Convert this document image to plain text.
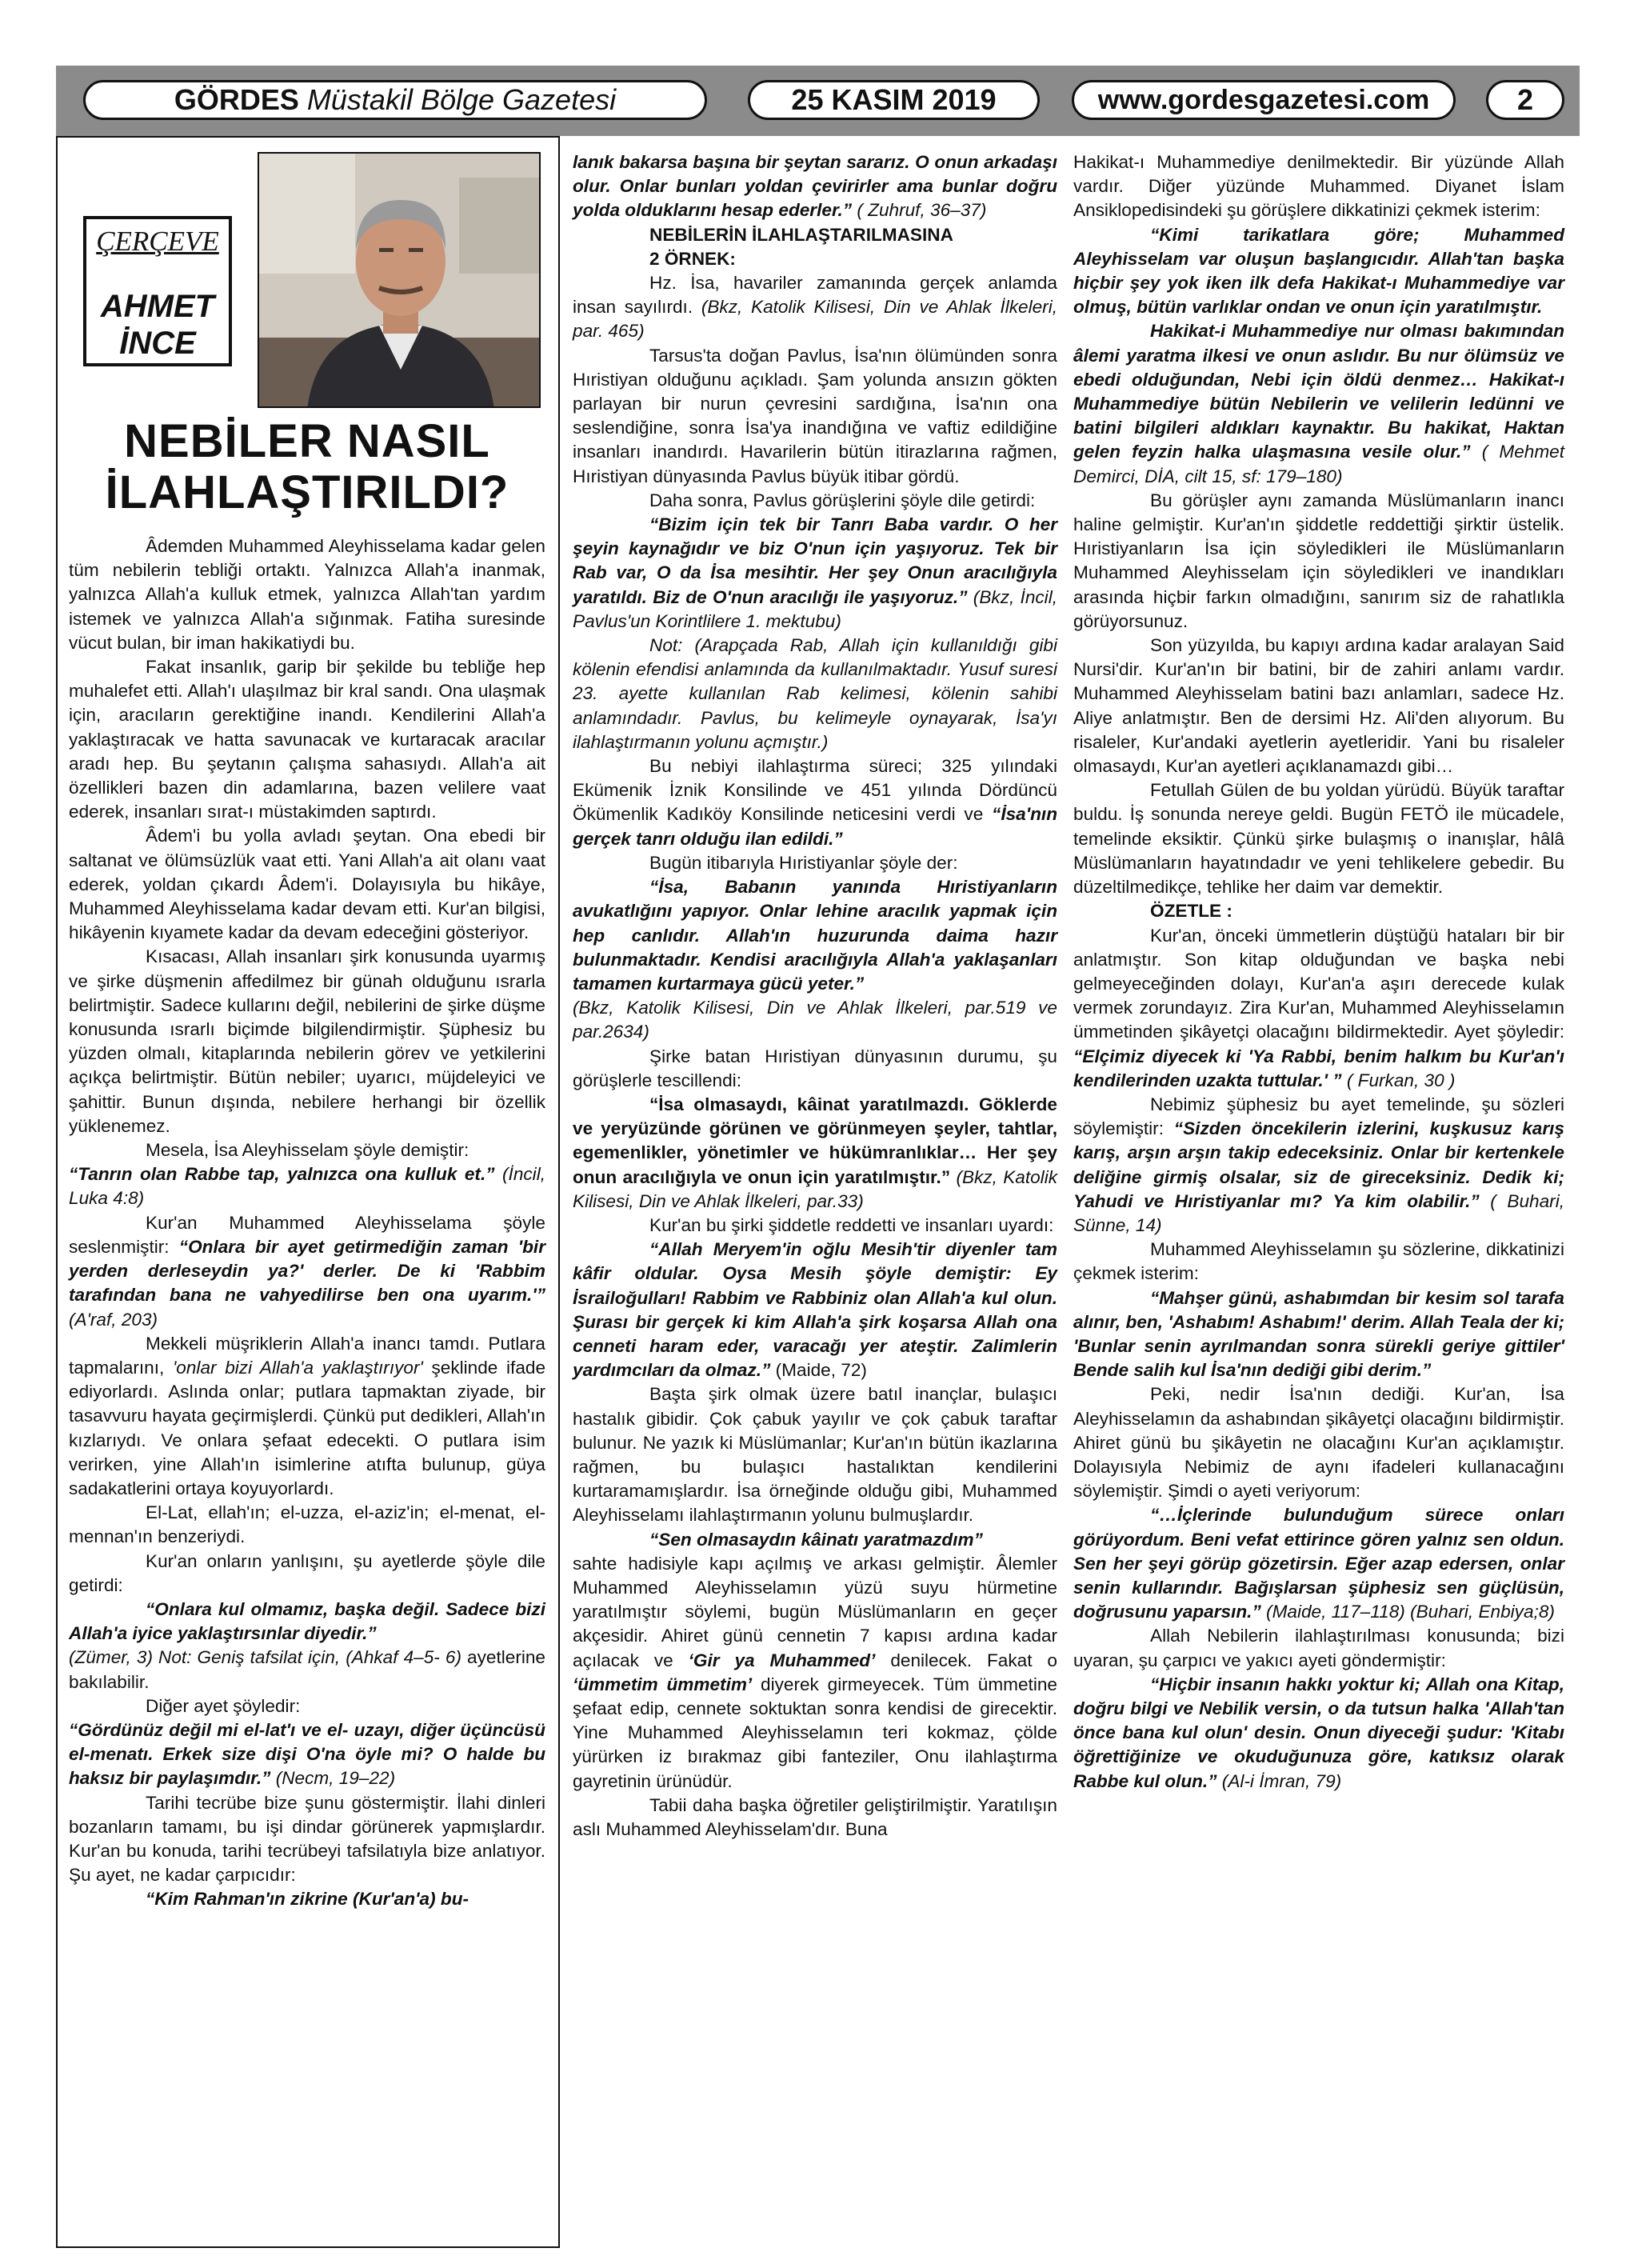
GÖRDES Müstakil Bölge Gazetesi	25 KASIM 2019	www.gordesgazetesi.com	2
ÇERÇEVE
AHMET
İNCE
NEBİLER NASIL
İLAHLAŞTIRILDI?

Âdemden Muhammed Aleyhisselama kadar gelen tüm nebilerin tebliği ortaktı. Yalnızca Allah'a inanmak, yalnızca Allah'a kulluk etmek, yalnızca Allah'tan yardım istemek ve yalnızca Allah'a sığınmak. Fatiha suresinde vücut bulan, bir iman hakikatiydi bu.

Fakat insanlık, garip bir şekilde bu tebliğe hep muhalefet etti. Allah'ı ulaşılmaz bir kral sandı. Ona ulaşmak için, aracıların gerektiğine inandı. Kendilerini Allah'a yaklaştıracak ve hatta savunacak ve kurtaracak aracılar aradı hep. Bu şeytanın çalışma sahasıydı. Allah'a ait özellikleri bazen din adamlarına, bazen velilere vaat ederek, insanları sırat-ı müstakimden saptırdı.

Âdem'i bu yolla avladı şeytan. Ona ebedi bir saltanat ve ölümsüzlük vaat etti. Yani Allah'a ait olanı vaat ederek, yoldan çıkardı Âdem'i. Dolayısıyla bu hikâye, Muhammed Aleyhisselama kadar devam etti. Kur'an bilgisi, hikâyenin kıyamete kadar da devam edeceğini gösteriyor.

Kısacası, Allah insanları şirk konusunda uyarmış ve şirke düşmenin affedilmez bir günah olduğunu ısrarla belirtmiştir. Sadece kullarını değil, nebilerini de şirke düşme konusunda ısrarlı biçimde bilgilendirmiştir. Şüphesiz bu yüzden olmalı, kitaplarında nebilerin görev ve yetkilerini açıkça belirtmiştir. Bütün nebiler; uyarıcı, müjdeleyici ve şahittir. Bunun dışında, nebilere herhangi bir özellik yüklenemez.

Mesela, İsa Aleyhisselam şöyle demiştir:

“Tanrın olan Rabbe tap, yalnızca ona kulluk et.” (İncil, Luka 4:8)

Kur'an Muhammed Aleyhisselama şöyle seslenmiştir: “Onlara bir ayet getirmediğin zaman 'bir yerden derleseydin ya?' derler. De ki 'Rabbim tarafından bana ne vahyedilirse ben ona uyarım.'” (A'raf, 203)

Mekkeli müşriklerin Allah'a inancı tamdı. Putlara tapmalarını, 'onlar bizi Allah'a yaklaştırıyor' şeklinde ifade ediyorlardı. Aslında onlar; putlara tapmaktan ziyade, bir tasavvuru hayata geçirmişlerdi. Çünkü put dedikleri, Allah'ın kızlarıydı. Ve onlara şefaat edecekti. O putlara isim verirken, yine Allah'ın isimlerine atıfta bulunup, güya sadakatlerini ortaya koyuyorlardı.

El-Lat, ellah'ın; el-uzza, el-aziz'in; el-menat, el-mennan'ın benzeriydi.

Kur'an onların yanlışını, şu ayetlerde şöyle dile getirdi:

“Onlara kul olmamız, başka değil. Sadece bizi Allah'a iyice yaklaştırsınlar diyedir.”

(Zümer, 3) Not: Geniş tafsilat için, (Ahkaf 4–5- 6) ayetlerine bakılabilir.

Diğer ayet şöyledir:

“Gördünüz değil mi el-lat'ı ve el- uzayı, diğer üçüncüsü el-menatı. Erkek size dişi O'na öyle mi? O halde bu haksız bir paylaşımdır.” (Necm, 19–22)

Tarihi tecrübe bize şunu göstermiştir. İlahi dinleri bozanların tamamı, bu işi dindar görünerek yapmışlardır. Kur'an bu konuda, tarihi tecrübeyi tafsilatıyla bize anlatıyor. Şu ayet, ne kadar çarpıcıdır:

“Kim Rahman'ın zikrine (Kur'an'a) bu-

lanık bakarsa başına bir şeytan sararız. O onun arkadaşı olur. Onlar bunları yoldan çevirirler ama bunlar doğru yolda olduklarını hesap ederler.” ( Zuhruf, 36–37)

NEBİLERİN İLAHLAŞTARILMASINA

2 ÖRNEK:

Hz. İsa, havariler zamanında gerçek anlamda insan sayılırdı. (Bkz, Katolik Kilisesi, Din ve Ahlak İlkeleri, par. 465)

Tarsus'ta doğan Pavlus, İsa'nın ölümünden sonra Hıristiyan olduğunu açıkladı. Şam yolunda ansızın gökten parlayan bir nurun çevresini sardığına, İsa'nın ona seslendiğine, sonra İsa'ya inandığına ve vaftiz edildiğine insanları inandırdı. Havarilerin bütün itirazlarına rağmen, Hıristiyan dünyasında Pavlus büyük itibar gördü.

Daha sonra, Pavlus görüşlerini şöyle dile getirdi:

“Bizim için tek bir Tanrı Baba vardır. O her şeyin kaynağıdır ve biz O'nun için yaşıyoruz. Tek bir Rab var, O da İsa mesihtir. Her şey Onun aracılığıyla yaratıldı. Biz de O'nun aracılığı ile yaşıyoruz.” (Bkz, İncil, Pavlus'un Korintlilere 1. mektubu)

Not: (Arapçada Rab, Allah için kullanıldığı gibi kölenin efendisi anlamında da kullanılmaktadır. Yusuf suresi 23. ayette kullanılan Rab kelimesi, kölenin sahibi anlamındadır. Pavlus, bu kelimeyle oynayarak, İsa'yı ilahlaştırmanın yolunu açmıştır.)

Bu nebiyi ilahlaştırma süreci; 325 yılındaki Ekümenik İznik Konsilinde ve 451 yılında Dördüncü Ökümenlik Kadıköy Konsilinde neticesini verdi ve “İsa'nın gerçek tanrı olduğu ilan edildi.”

Bugün itibarıyla Hıristiyanlar şöyle der:

“İsa, Babanın yanında Hıristiyanların avukatlığını yapıyor. Onlar lehine aracılık yapmak için hep canlıdır. Allah'ın huzurunda daima hazır bulunmaktadır. Kendisi aracılığıyla Allah'a yaklaşanları tamamen kurtarmaya gücü yeter.”

(Bkz, Katolik Kilisesi, Din ve Ahlak İlkeleri, par.519 ve par.2634)

Şirke batan Hıristiyan dünyasının durumu, şu görüşlerle tescillendi:

“İsa olmasaydı, kâinat yaratılmazdı. Göklerde ve yeryüzünde görünen ve görünmeyen şeyler, tahtlar, egemenlikler, yönetimler ve hükümranlıklar… Her şey onun aracılığıyla ve onun için yaratılmıştır.” (Bkz, Katolik Kilisesi, Din ve Ahlak İlkeleri, par.33)

Kur'an bu şirki şiddetle reddetti ve insanları uyardı:

“Allah Meryem'in oğlu Mesih'tir diyenler tam kâfir oldular. Oysa Mesih şöyle demiştir: Ey İsrailoğulları! Rabbim ve Rabbiniz olan Allah'a kul olun. Şurası bir gerçek ki kim Allah'a şirk koşarsa Allah ona cenneti haram eder, varacağı yer ateştir. Zalimlerin yardımcıları da olmaz.” (Maide, 72)

Başta şirk olmak üzere batıl inançlar, bulaşıcı hastalık gibidir. Çok çabuk yayılır ve çok çabuk taraftar bulunur. Ne yazık ki Müslümanlar; Kur'an'ın bütün ikazlarına rağmen, bu bulaşıcı hastalıktan kendilerini kurtaramamışlardır. İsa örneğinde olduğu gibi, Muhammed Aleyhisselamı ilahlaştırmanın yolunu bulmuşlardır.

“Sen olmasaydın kâinatı yaratmazdım”

sahte hadisiyle kapı açılmış ve arkası gelmiştir. Âlemler Muhammed Aleyhisselamın yüzü suyu hürmetine yaratılmıştır söylemi, bugün Müslümanların en geçer akçesidir. Ahiret günü cennetin 7 kapısı ardına kadar açılacak ve ‘Gir ya Muhammed’ denilecek. Fakat o ‘ümmetim ümmetim’ diyerek girmeyecek. Tüm ümmetine şefaat edip, cennete soktuktan sonra kendisi de girecektir. Yine Muhammed Aleyhisselamın teri kokmaz, çölde yürürken iz bırakmaz gibi fanteziler, Onu ilahlaştırma gayretinin ürünüdür.

Tabii daha başka öğretiler geliştirilmiştir. Yaratılışın aslı Muhammed Aleyhisselam'dır. Buna

Hakikat-ı Muhammediye denilmektedir. Bir yüzünde Allah vardır. Diğer yüzünde Muhammed. Diyanet İslam Ansiklopedisindeki şu görüşlere dikkatinizi çekmek isterim:

“Kimi tarikatlara göre; Muhammed Aleyhisselam var oluşun başlangıcıdır. Allah'tan başka hiçbir şey yok iken ilk defa Hakikat-ı Muhammediye var olmuş, bütün varlıklar ondan ve onun için yaratılmıştır.

Hakikat-i Muhammediye nur olması bakımından âlemi yaratma ilkesi ve onun aslıdır. Bu nur ölümsüz ve ebedi olduğundan, Nebi için öldü denmez… Hakikat-ı Muhammediye bütün Nebilerin ve velilerin ledünni ve batini bilgileri aldıkları kaynaktır. Bu hakikat, Haktan gelen feyzin halka ulaşmasına vesile olur.” ( Mehmet Demirci, DİA, cilt 15, sf: 179–180)

Bu görüşler aynı zamanda Müslümanların inancı haline gelmiştir. Kur'an'ın şiddetle reddettiği şirktir üstelik. Hıristiyanların İsa için söyledikleri ile Müslümanların Muhammed Aleyhisselam için söyledikleri ve inandıkları arasında hiçbir farkın olmadığını, sanırım siz de rahatlıkla görüyorsunuz.

Son yüzyılda, bu kapıyı ardına kadar aralayan Said Nursi'dir. Kur'an'ın bir batini, bir de zahiri anlamı vardır. Muhammed Aleyhisselam batini bazı anlamları, sadece Hz. Aliye anlatmıştır. Ben de dersimi Hz. Ali'den alıyorum. Bu risaleler, Kur'andaki ayetlerin ayetleridir. Yani bu risaleler olmasaydı, Kur'an ayetleri açıklanamazdı gibi…

Fetullah Gülen de bu yoldan yürüdü. Büyük taraftar buldu. İş sonunda nereye geldi. Bugün FETÖ ile mücadele, temelinde eksiktir. Çünkü şirke bulaşmış o inanışlar, hâlâ Müslümanların hayatındadır ve yeni tehlikelere gebedir. Bu düzeltilmedikçe, tehlike her daim var demektir.

ÖZETLE :

Kur'an, önceki ümmetlerin düştüğü hataları bir bir anlatmıştır. Son kitap olduğundan ve başka nebi gelmeyeceğinden dolayı, Kur'an'a aşırı derecede kulak vermek zorundayız. Zira Kur'an, Muhammed Aleyhisselamın ümmetinden şikâyetçi olacağını bildirmektedir. Ayet şöyledir: “Elçimiz diyecek ki 'Ya Rabbi, benim halkım bu Kur'an'ı kendilerinden uzakta tuttular.' ” ( Furkan, 30 )

Nebimiz şüphesiz bu ayet temelinde, şu sözleri söylemiştir: “Sizden öncekilerin izlerini, kuşkusuz karış karış, arşın arşın takip edeceksiniz. Onlar bir kertenkele deliğine girmiş olsalar, siz de gireceksiniz. Dedik ki; Yahudi ve Hıristiyanlar mı? Ya kim olabilir.” ( Buhari, Sünne, 14)

Muhammed Aleyhisselamın şu sözlerine, dikkatinizi çekmek isterim:

“Mahşer günü, ashabımdan bir kesim sol tarafa alınır, ben, 'Ashabım! Ashabım!' derim. Allah Teala der ki; 'Bunlar senin ayrılmandan sonra sürekli geriye gittiler' Bende salih kul İsa'nın dediği gibi derim.”

Peki, nedir İsa'nın dediği. Kur'an, İsa Aleyhisselamın da ashabından şikâyetçi olacağını bildirmiştir. Ahiret günü bu şikâyetin ne olacağını Kur'an açıklamıştır. Dolayısıyla Nebimiz de aynı ifadeleri kullanacağını söylemiştir. Şimdi o ayeti veriyorum:

“…İçlerinde bulunduğum sürece onları görüyordum. Beni vefat ettirince gören yalnız sen oldun. Sen her şeyi görüp gözetirsin. Eğer azap edersen, onlar senin kullarındır. Bağışlarsan şüphesiz sen güçlüsün, doğrusunu yaparsın.” (Maide, 117–118) (Buhari, Enbiya;8)

Allah Nebilerin ilahlaştırılması konusunda; bizi uyaran, şu çarpıcı ve yakıcı ayeti göndermiştir:

“Hiçbir insanın hakkı yoktur ki; Allah ona Kitap, doğru bilgi ve Nebilik versin, o da tutsun halka 'Allah'tan önce bana kul olun' desin. Onun diyeceği şudur: 'Kitabı öğrettiğinize ve okuduğunuza göre, katıksız olarak Rabbe kul olun.” (Al-i İmran, 79)
